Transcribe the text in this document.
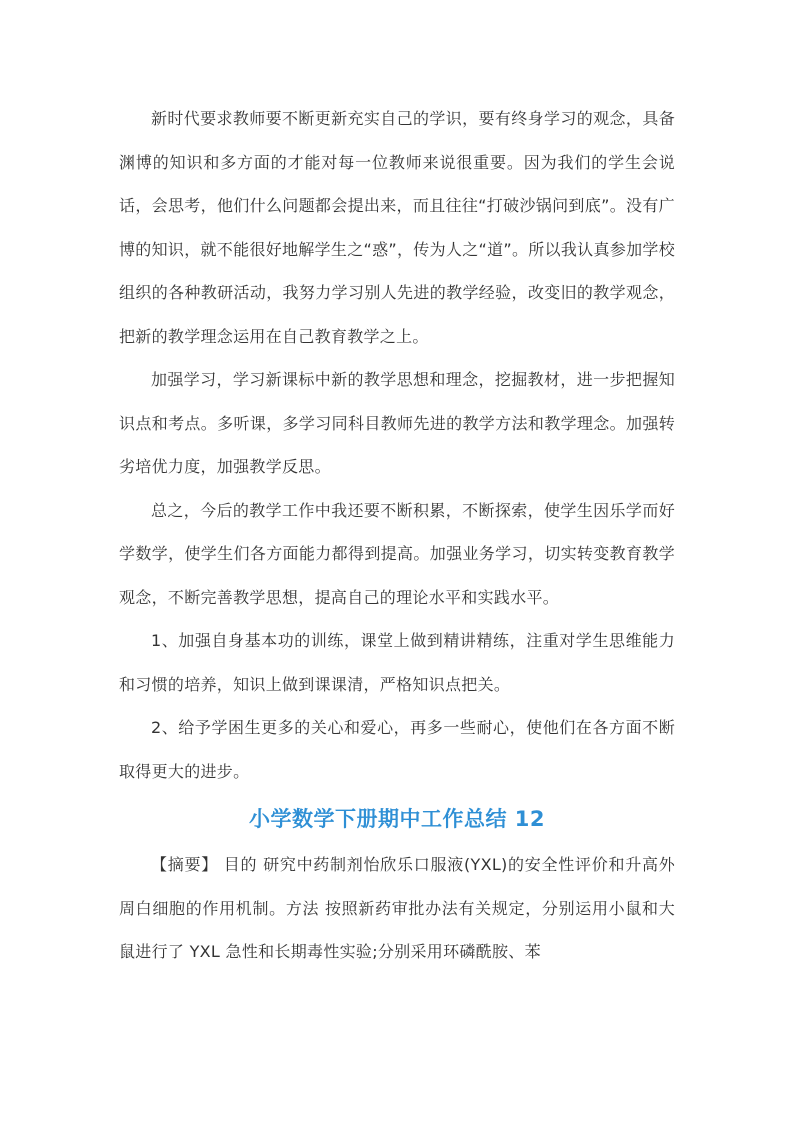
新时代要求教师要不断更新充实自己的学识，要有终身学习的观念，具备渊博的知识和多方面的才能对每一位教师来说很重要。因为我们的学生会说话，会思考，他们什么问题都会提出来，而且往往“打破沙锅问到底”。没有广博的知识，就不能很好地解学生之“惑”，传为人之“道”。所以我认真参加学校组织的各种教研活动，我努力学习别人先进的教学经验，改变旧的教学观念，把新的教学理念运用在自己教育教学之上。

加强学习，学习新课标中新的教学思想和理念，挖掘教材，进一步把握知识点和考点。多听课，多学习同科目教师先进的教学方法和教学理念。加强转劣培优力度，加强教学反思。

总之，今后的教学工作中我还要不断积累，不断探索，使学生因乐学而好学数学，使学生们各方面能力都得到提高。加强业务学习，切实转变教育教学观念，不断完善教学思想，提高自己的理论水平和实践水平。

1、加强自身基本功的训练，课堂上做到精讲精练，注重对学生思维能力和习惯的培养，知识上做到课课清，严格知识点把关。

2、给予学困生更多的关心和爱心，再多一些耐心，使他们在各方面不断取得更大的进步。

小学数学下册期中工作总结 12

【摘要】 目的 研究中药制剂怡欣乐口服液(YXL)的安全性评价和升高外周白细胞的作用机制。方法 按照新药审批办法有关规定，分别运用小鼠和大鼠进行了 YXL 急性和长期毒性实验;分别采用环磷酰胺、苯
